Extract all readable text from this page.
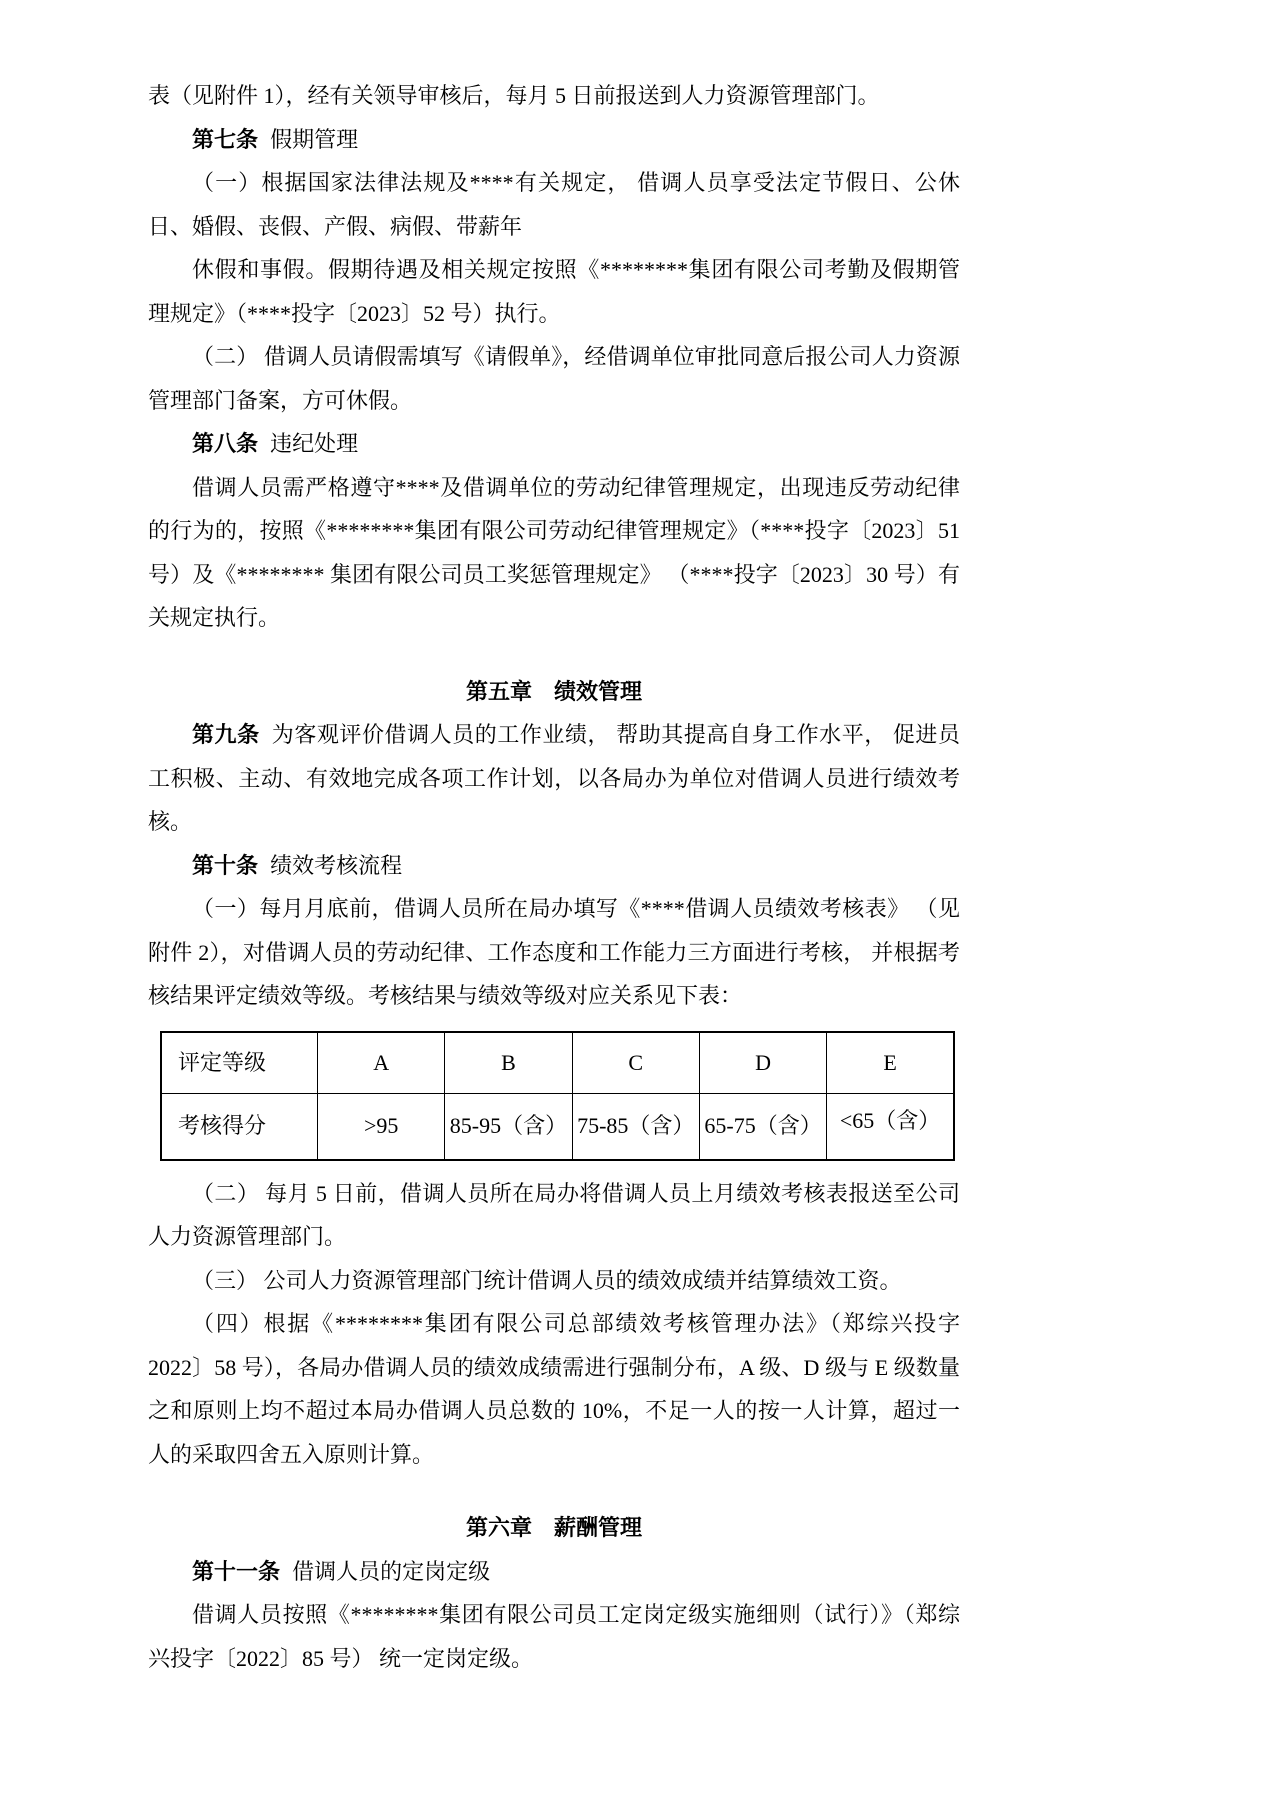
表（见附件 1），经有关领导审核后，每月 5 日前报送到人力资源管理部门。

第七条 假期管理

（一）根据国家法律法规及****有关规定， 借调人员享受法定节假日、公休日、婚假、丧假、产假、病假、带薪年

休假和事假。假期待遇及相关规定按照《********集团有限公司考勤及假期管理规定》（****投字〔2023〕52 号）执行。

（二） 借调人员请假需填写《请假单》，经借调单位审批同意后报公司人力资源管理部门备案，方可休假。

第八条 违纪处理

借调人员需严格遵守****及借调单位的劳动纪律管理规定，出现违反劳动纪律的行为的，按照《********集团有限公司劳动纪律管理规定》（****投字〔2023〕51 号）及《******** 集团有限公司员工奖惩管理规定》 （****投字〔2023〕30 号）有关规定执行。

第五章　绩效管理

第九条 为客观评价借调人员的工作业绩， 帮助其提高自身工作水平， 促进员工积极、主动、有效地完成各项工作计划，以各局办为单位对借调人员进行绩效考核。

第十条 绩效考核流程

（一）每月月底前，借调人员所在局办填写《****借调人员绩效考核表》 （见附件 2），对借调人员的劳动纪律、工作态度和工作能力三方面进行考核， 并根据考核结果评定绩效等级。考核结果与绩效等级对应关系见下表：

评定等级	A	B	C	D	E
考核得分	>95	85-95（含）	75-85（含）	65-75（含）	<65（含）

（二） 每月 5 日前，借调人员所在局办将借调人员上月绩效考核表报送至公司人力资源管理部门。

（三） 公司人力资源管理部门统计借调人员的绩效成绩并结算绩效工资。

（四）根据《********集团有限公司总部绩效考核管理办法》（郑综兴投字 2022〕58 号），各局办借调人员的绩效成绩需进行强制分布，A 级、D 级与 E 级数量之和原则上均不超过本局办借调人员总数的 10%，不足一人的按一人计算，超过一人的采取四舍五入原则计算。

第六章　薪酬管理

第十一条 借调人员的定岗定级

借调人员按照《********集团有限公司员工定岗定级实施细则（试行）》（郑综兴投字〔2022〕85 号） 统一定岗定级。
